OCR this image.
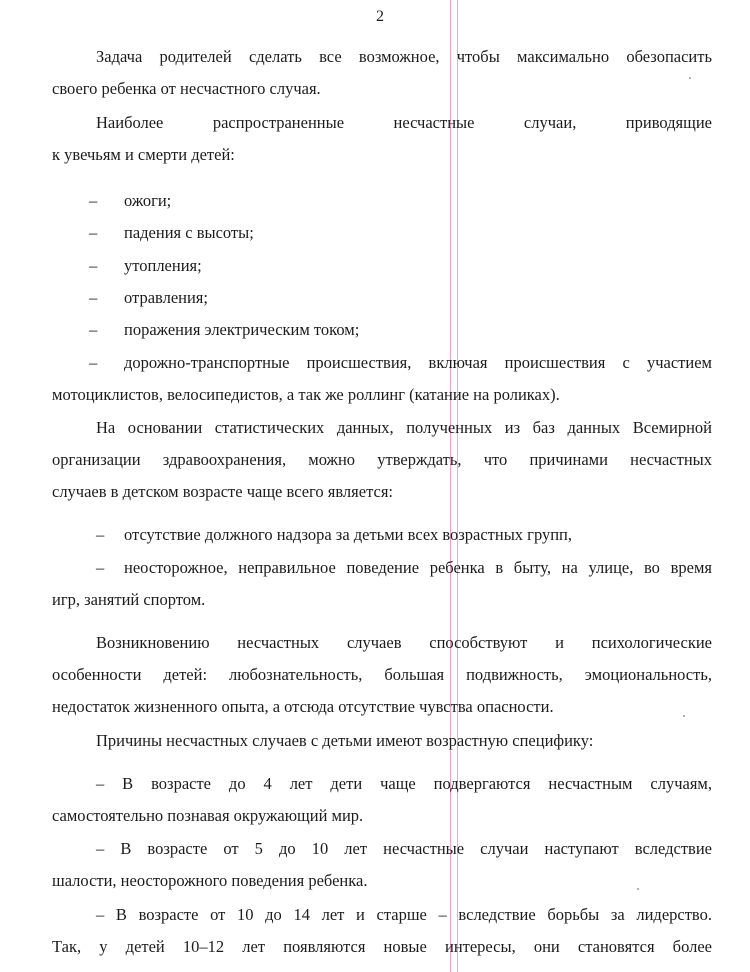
2
Задача родителей сделать все возможное, чтобы максимально обезопасить
своего ребенка от несчастного случая.
Наиболее распространенные несчастные случаи, приводящие
к увечьям и смерти детей:
– ожоги;
– падения с высоты;
– утопления;
– отравления;
– поражения электрическим током;
– дорожно-транспортные происшествия, включая происшествия с участием
мотоциклистов, велосипедистов, а так же роллинг (катание на роликах).
На основании статистических данных, полученных из баз данных Всемирной
организации здравоохранения, можно утверждать, что причинами несчастных
случаев в детском возрасте чаще всего является:
– отсутствие должного надзора за детьми всех возрастных групп,
– неосторожное, неправильное поведение ребенка в быту, на улице, во время
игр, занятий спортом.
Возникновению несчастных случаев способствуют и психологические
особенности детей: любознательность, большая подвижность, эмоциональность,
недостаток жизненного опыта, а отсюда отсутствие чувства опасности.
Причины несчастных случаев с детьми имеют возрастную специфику:
– В возрасте до 4 лет дети чаще подвергаются несчастным случаям,
самостоятельно познавая окружающий мир.
– В возрасте от 5 до 10 лет несчастные случаи наступают вследствие
шалости, неосторожного поведения ребенка.
– В возрасте от 10 до 14 лет и старше – вследствие борьбы за лидерство.
Так, у детей 10–12 лет появляются новые интересы, они становятся более
